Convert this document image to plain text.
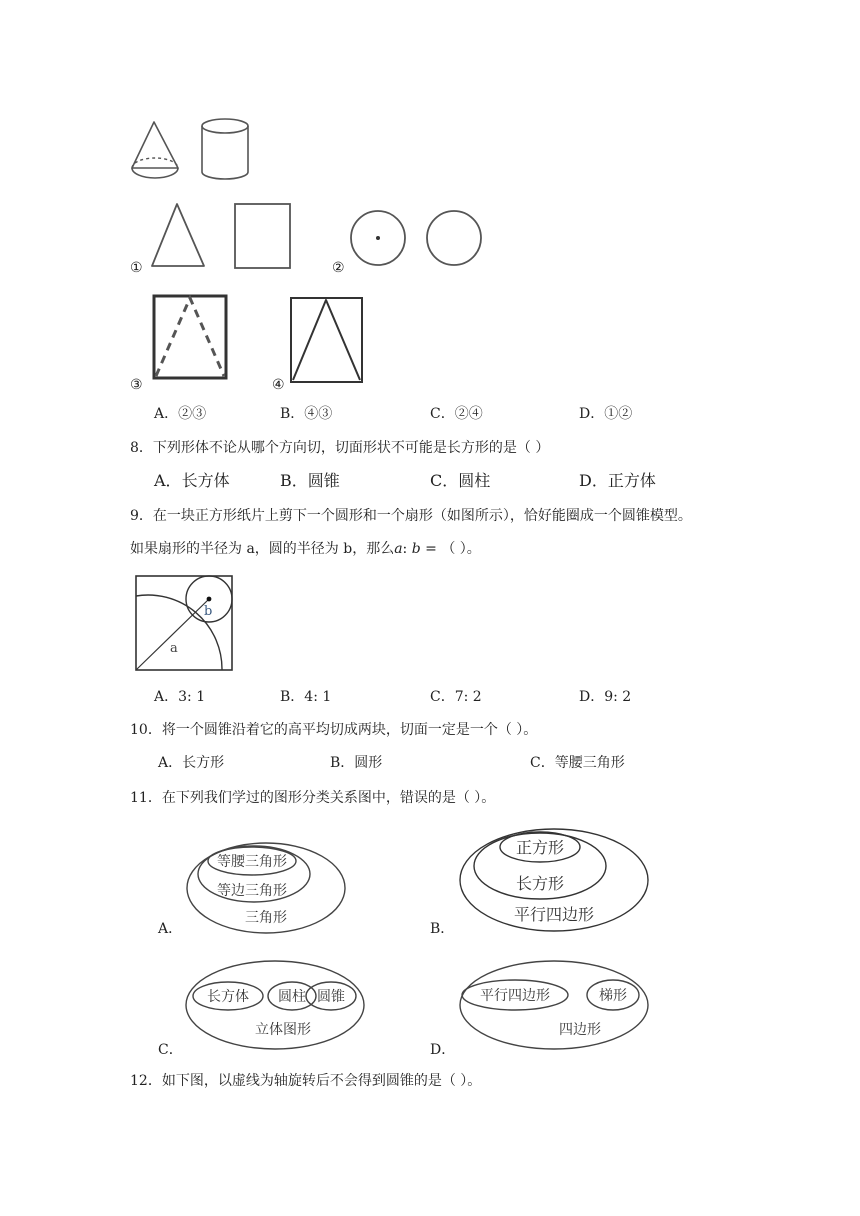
①	②
③	④
A．②③	B．④③	C．②④	D．①②
8．下列形体不论从哪个方向切，切面形状不可能是长方形的是（ ）
A．长方体	B．圆锥	C．圆柱	D．正方体
9．在一块正方形纸片上剪下一个圆形和一个扇形（如图所示），恰好能圈成一个圆锥模型。
如果扇形的半径为 a，圆的半径为 b，那么𝑎: 𝑏 = （ ）。
a
b
A．3: 1	B．4: 1	C．7: 2	D．9: 2
10．将一个圆锥沿着它的高平均切成两块，切面一定是一个（ ）。
A．长方形	B．圆形	C．等腰三角形
11．在下列我们学过的图形分类关系图中，错误的是（ ）。
等腰三角形
等边三角形
三角形
A．
正方形
长方形
平行四边形
B．
长方体 圆柱 圆锥
立体图形
C．
平行四边形	梯形
四边形
D．
12．如下图，以虚线为轴旋转后不会得到圆锥的是（ ）。
